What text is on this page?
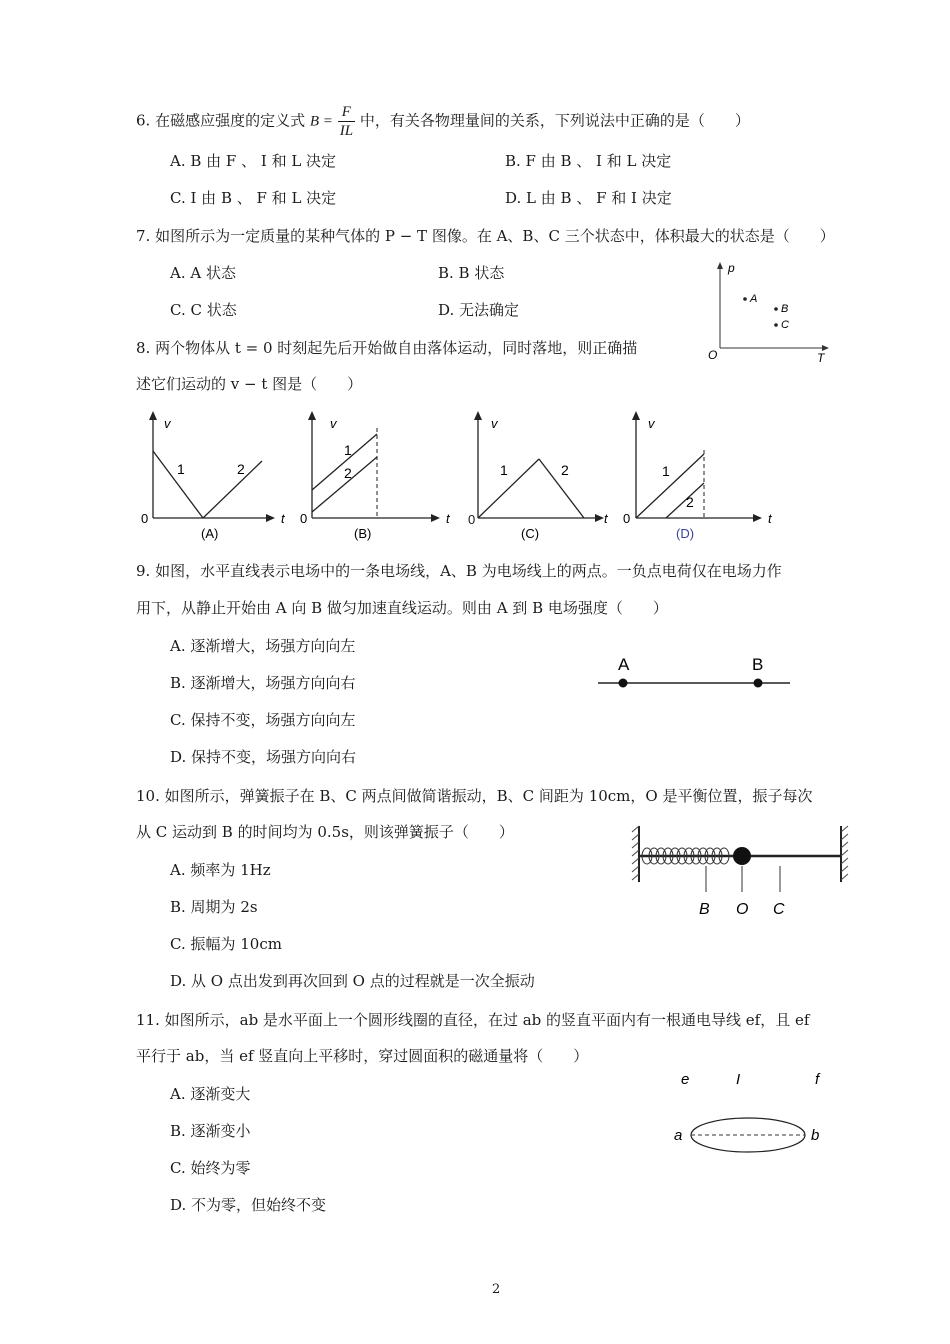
6. 在磁感应强度的定义式 $B = \frac{F}{IL}$ 中，有关各物理量间的关系，下列说法中正确的是（　　）
A. B 由 F 、 I 和 L 决定	B. F 由 B 、 I 和 L 决定
C. I 由 B 、 F 和 L 决定	D. L 由 B 、 F 和 I 决定
7. 如图所示为一定质量的某种气体的 P − T 图像。在 A、B、C 三个状态中，体积最大的状态是（　　）
A. A 状态	B. B 状态
C. C 状态	D. 无法确定
p
T
O
A
B
C
8. 两个物体从 t = 0 时刻起先后开始做自由落体运动，同时落地，则正确描
述它们运动的 v − t 图是（　　）
v
t
0
1	2
(A)
v
t
0
1
2
(B)
v
t
1	2
(C)
0
v
t
0
1
2
(D)
9. 如图，水平直线表示电场中的一条电场线，A、B 为电场线上的两点。一负点电荷仅在电场力作
用下，从静止开始由 A 向 B 做匀加速直线运动。则由 A 到 B 电场强度（　　）
A. 逐渐增大，场强方向向左
B. 逐渐增大，场强方向向右
C. 保持不变，场强方向向左
D. 保持不变，场强方向向右
A	B
10. 如图所示，弹簧振子在 B、C 两点间做简谐振动，B、C 间距为 10cm，O 是平衡位置，振子每次
从 C 运动到 B 的时间均为 0.5s，则该弹簧振子（　　）
A. 频率为 1Hz
B. 周期为 2s
C. 振幅为 10cm
D. 从 O 点出发到再次回到 O 点的过程就是一次全振动
B O C
11. 如图所示，ab 是水平面上一个圆形线圈的直径，在过 ab 的竖直平面内有一根通电导线 ef，且 ef
平行于 ab，当 ef 竖直向上平移时，穿过圆面积的磁通量将（　　）
A. 逐渐变大
B. 逐渐变小
C. 始终为零
D. 不为零，但始终不变
e	I	f
a	b
2
